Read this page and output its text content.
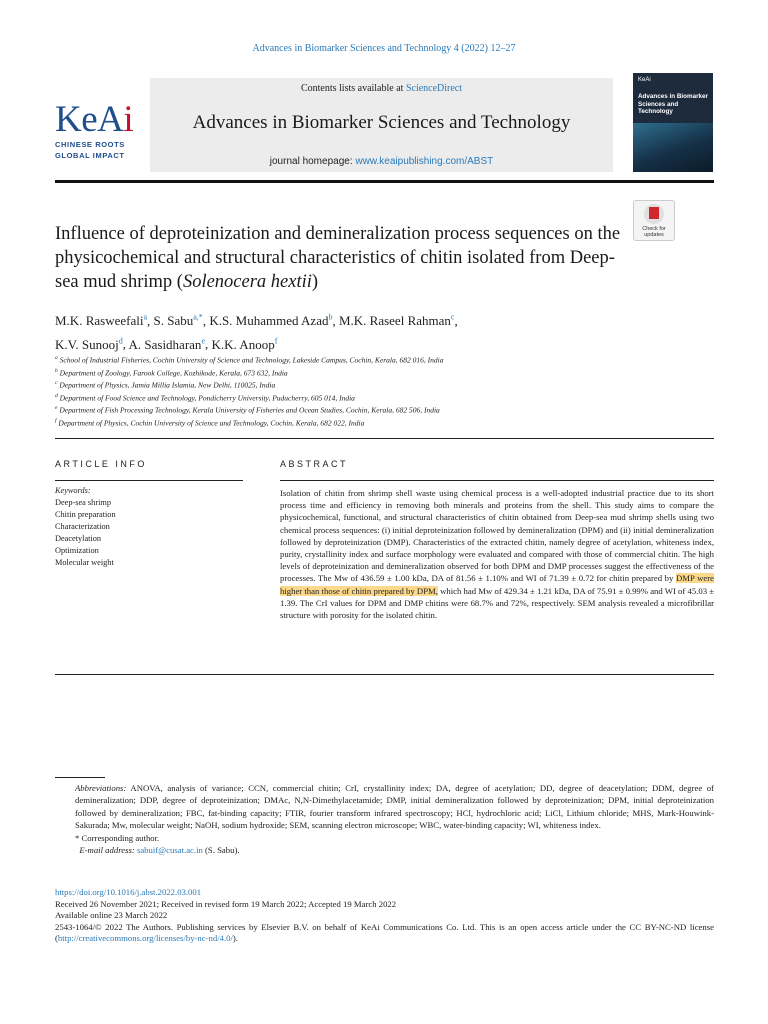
Advances in Biomarker Sciences and Technology 4 (2022) 12–27
KeAi
CHINESE ROOTS
GLOBAL IMPACT
Contents lists available at ScienceDirect
Advances in Biomarker Sciences and Technology
journal homepage: www.keaipublishing.com/ABST
KeAi
Advances in Biomarker Sciences and Technology
Check for
updates
Influence of deproteinization and demineralization process sequences on the physicochemical and structural characteristics of chitin isolated from Deep-sea mud shrimp (Solenocera hextii)
M.K. Rasweefali$^a$, S. Sabu$^{a,*}$, K.S. Muhammed Azad$^b$, M.K. Raseel Rahman$^c$,
K.V. Sunooj$^d$, A. Sasidharan$^e$, K.K. Anoop$^f$
$^a$ School of Industrial Fisheries, Cochin University of Science and Technology, Lakeside Campus, Cochin, Kerala, 682 016, India
$^b$ Department of Zoology, Farook College, Kozhikode, Kerala, 673 632, India
$^c$ Department of Physics, Jamia Millia Islamia, New Delhi, 110025, India
$^d$ Department of Food Science and Technology, Pondicherry University, Puducherry, 605 014, India
$^e$ Department of Fish Processing Technology, Kerala University of Fisheries and Ocean Studies, Cochin, Kerala, 682 506, India
$^f$ Department of Physics, Cochin University of Science and Technology, Cochin, Kerala, 682 022, India
ARTICLE INFO	ABSTRACT
Keywords:
Deep-sea shrimp
Chitin preparation
Characterization
Deacetylation
Optimization
Molecular weight
Isolation of chitin from shrimp shell waste using chemical process is a well-adopted industrial practice due to its short process time and efficiency in removing both minerals and proteins from the shell. This study aims to compare the physicochemical, functional, and structural characteristics of chitin obtained from Deep-sea mud shrimp shells using two chemical process sequences: (i) initial deproteinization followed by demineralization (DPM) and (ii) initial demineralization followed by deproteinization (DMP). Characteristics of the extracted chitin, namely degree of acetylation, whiteness index, purity, crystallinity index and surface morphology were evaluated and compared with those of commercial chitin. The high levels of deproteinization and demineralization observed for both DPM and DMP processes suggest the effectiveness of the processes. The Mw of 436.59 ± 1.00 kDa, DA of 81.56 ± 1.10% and WI of 71.39 ± 0.72 for chitin prepared by DMP were higher than those of chitin prepared by DPM, which had Mw of 429.34 ± 1.21 kDa, DA of 75.91 ± 0.99% and WI of 45.03 ± 1.39. The CrI values for DPM and DMP chitins were 68.7% and 72%, respectively. SEM analysis revealed a microfibrillar structure with porosity for the isolated chitin.
Abbreviations: ANOVA, analysis of variance; CCN, commercial chitin; CrI, crystallinity index; DA, degree of acetylation; DD, degree of deacetylation; DDM, degree of demineralization; DDP, degree of deproteinization; DMAc, N,N-Dimethylacetamide; DMP, initial demineralization followed by deproteinization; DPM, initial deproteinization followed by demineralization; FBC, fat-binding capacity; FTIR, fourier transform infrared spectroscopy; HCl, hydrochloric acid; LiCl, Lithium chloride; MHS, Mark-Houwink-Sakurada; Mw, molecular weight; NaOH, sodium hydroxide; SEM, scanning electron microscope; WBC, water-binding capacity; WI, whiteness index.
* Corresponding author.
E-mail address: sabuif@cusat.ac.in (S. Sabu).
https://doi.org/10.1016/j.abst.2022.03.001
Received 26 November 2021; Received in revised form 19 March 2022; Accepted 19 March 2022
Available online 23 March 2022
2543-1064/© 2022 The Authors. Publishing services by Elsevier B.V. on behalf of KeAi Communications Co. Ltd. This is an open access article under the CC BY-NC-ND license (http://creativecommons.org/licenses/by-nc-nd/4.0/).
